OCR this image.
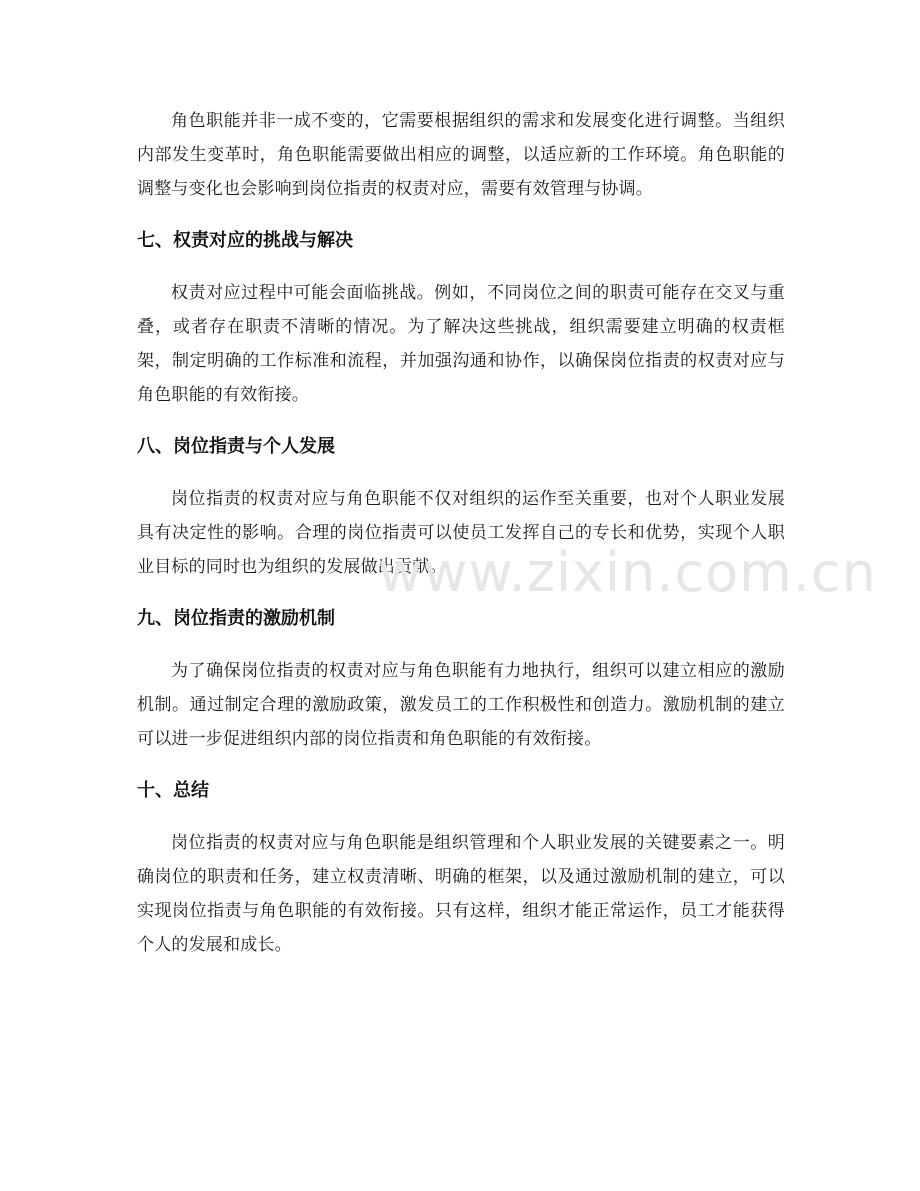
角色职能并非一成不变的，它需要根据组织的需求和发展变化进行调整。当组织内部发生变革时，角色职能需要做出相应的调整，以适应新的工作环境。角色职能的调整与变化也会影响到岗位指责的权责对应，需要有效管理与协调。

七、权责对应的挑战与解决

权责对应过程中可能会面临挑战。例如，不同岗位之间的职责可能存在交叉与重叠，或者存在职责不清晰的情况。为了解决这些挑战，组织需要建立明确的权责框架，制定明确的工作标准和流程，并加强沟通和协作，以确保岗位指责的权责对应与角色职能的有效衔接。

八、岗位指责与个人发展

岗位指责的权责对应与角色职能不仅对组织的运作至关重要，也对个人职业发展具有决定性的影响。合理的岗位指责可以使员工发挥自己的专长和优势，实现个人职业目标的同时也为组织的发展做出贡献。

九、岗位指责的激励机制

为了确保岗位指责的权责对应与角色职能有力地执行，组织可以建立相应的激励机制。通过制定合理的激励政策，激发员工的工作积极性和创造力。激励机制的建立可以进一步促进组织内部的岗位指责和角色职能的有效衔接。

十、总结

岗位指责的权责对应与角色职能是组织管理和个人职业发展的关键要素之一。明确岗位的职责和任务，建立权责清晰、明确的框架，以及通过激励机制的建立，可以实现岗位指责与角色职能的有效衔接。只有这样，组织才能正常运作，员工才能获得个人的发展和成长。

www.zixin.com.cn
